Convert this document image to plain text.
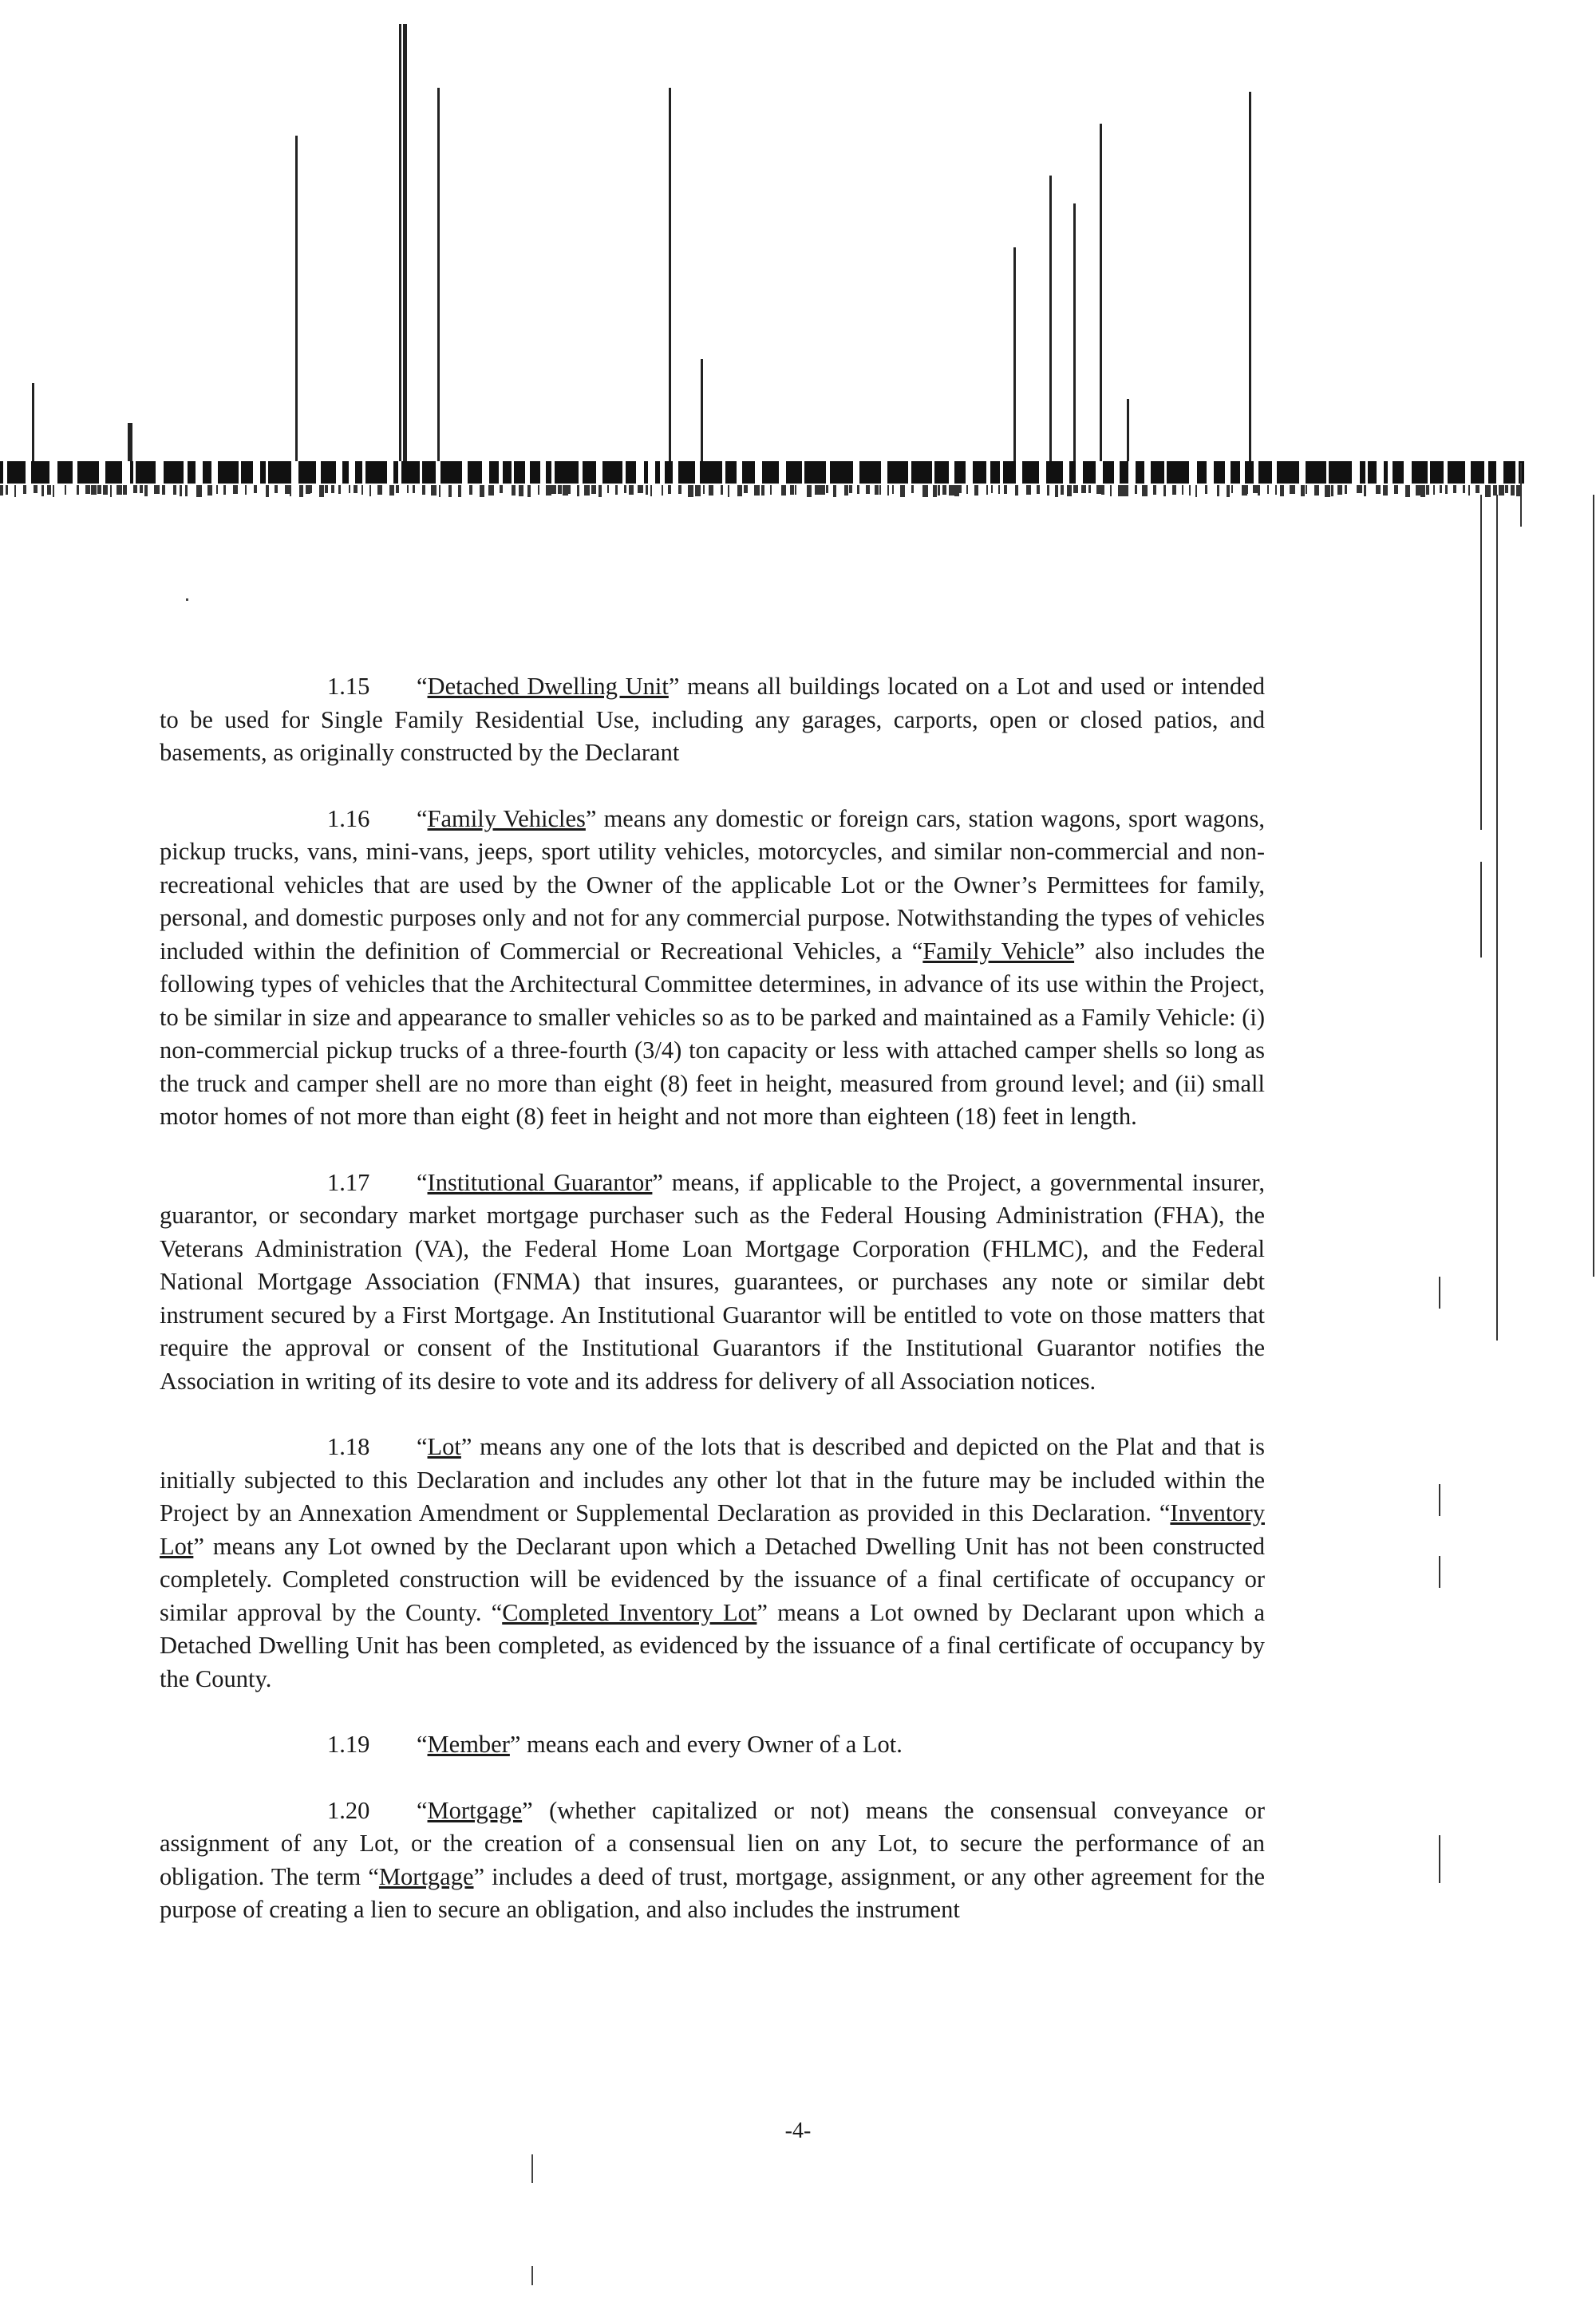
1.15 “Detached Dwelling Unit” means all buildings located on a Lot and used or intended to be used for Single Family Residential Use, including any garages, carports, open or closed patios, and basements, as originally constructed by the Declarant

1.16 “Family Vehicles” means any domestic or foreign cars, station wagons, sport wagons, pickup trucks, vans, mini-vans, jeeps, sport utility vehicles, motorcycles, and similar non-commercial and non-recreational vehicles that are used by the Owner of the applicable Lot or the Owner’s Permittees for family, personal, and domestic purposes only and not for any commercial purpose. Notwithstanding the types of vehicles included within the definition of Commercial or Recreational Vehicles, a “Family Vehicle” also includes the following types of vehicles that the Architectural Committee determines, in advance of its use within the Project, to be similar in size and appearance to smaller vehicles so as to be parked and maintained as a Family Vehicle: (i) non-commercial pickup trucks of a three-fourth (3/4) ton capacity or less with attached camper shells so long as the truck and camper shell are no more than eight (8) feet in height, measured from ground level; and (ii) small motor homes of not more than eight (8) feet in height and not more than eighteen (18) feet in length.

1.17 “Institutional Guarantor” means, if applicable to the Project, a governmental insurer, guarantor, or secondary market mortgage purchaser such as the Federal Housing Administration (FHA), the Veterans Administration (VA), the Federal Home Loan Mortgage Corporation (FHLMC), and the Federal National Mortgage Association (FNMA) that insures, guarantees, or purchases any note or similar debt instrument secured by a First Mortgage. An Institutional Guarantor will be entitled to vote on those matters that require the approval or consent of the Institutional Guarantors if the Institutional Guarantor notifies the Association in writing of its desire to vote and its address for delivery of all Association notices.

1.18 “Lot” means any one of the lots that is described and depicted on the Plat and that is initially subjected to this Declaration and includes any other lot that in the future may be included within the Project by an Annexation Amendment or Supplemental Declaration as provided in this Declaration. “Inventory Lot” means any Lot owned by the Declarant upon which a Detached Dwelling Unit has not been constructed completely. Completed construction will be evidenced by the issuance of a final certificate of occupancy or similar approval by the County. “Completed Inventory Lot” means a Lot owned by Declarant upon which a Detached Dwelling Unit has been completed, as evidenced by the issuance of a final certificate of occupancy by the County.

1.19 “Member” means each and every Owner of a Lot.

1.20 “Mortgage” (whether capitalized or not) means the consensual conveyance or assignment of any Lot, or the creation of a consensual lien on any Lot, to secure the performance of an obligation. The term “Mortgage” includes a deed of trust, mortgage, assignment, or any other agreement for the purpose of creating a lien to secure an obligation, and also includes the instrument

-4-
